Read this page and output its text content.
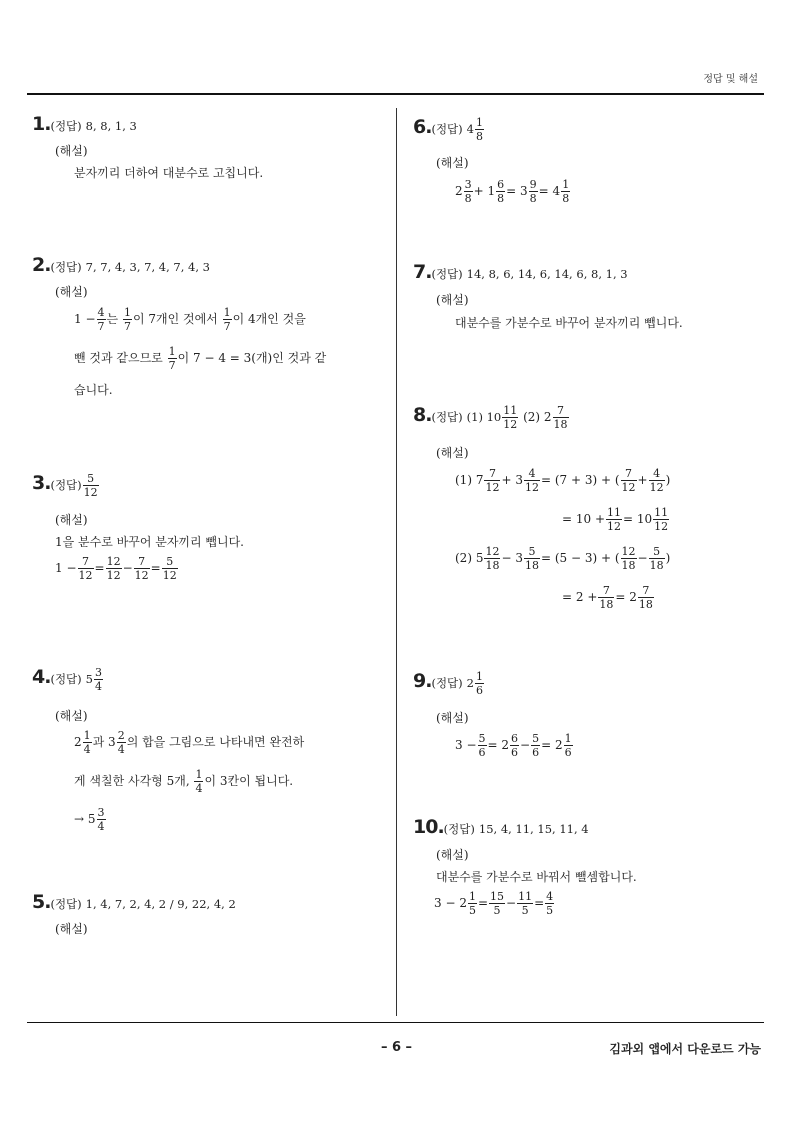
정답 및 해설
– 6 –	김과외 앱에서 다운로드 가능
1.(정답) 8, 8, 1, 3
(해설)
분자끼리 더하여 대분수로 고칩니다.
2.(정답) 7, 7, 4, 3, 7, 4, 7, 4, 3
(해설)
$1 - \frac{4}{7}$ 는 $\frac{1}{7}$ 이 7개인 것에서 $\frac{1}{7}$ 이 4개인 것을
뺀 것과 같으므로 $\frac{1}{7}$ 이 7 − 4 = 3(개)인 것과 같
습니다.
3.(정답) $\frac{5}{12}$
(해설)
1을 분수로 바꾸어 분자끼리 뺍니다.
$1 - \frac{7}{12} = \frac{12}{12} - \frac{7}{12} = \frac{5}{12}$
4.(정답) $5 \frac{3}{4}$
(해설)
$2 \frac{1}{4}$ 과 $3 \frac{2}{4}$ 의 합을 그림으로 나타내면 완전하
게 색칠한 사각형 5개, $\frac{1}{4}$ 이 3칸이 됩니다.
→ $5 \frac{3}{4}$
5.(정답) 1, 4, 7, 2, 4, 2 / 9, 22, 4, 2
(해설)
6.(정답) $4 \frac{1}{8}$
(해설)
$2 \frac{3}{8} + 1 \frac{6}{8} = 3 \frac{9}{8} = 4 \frac{1}{8}$
7.(정답) 14, 8, 6, 14, 6, 14, 6, 8, 1, 3
(해설)
대분수를 가분수로 바꾸어 분자끼리 뺍니다.
8.(정답) (1) $10 \frac{11}{12} (2)$ $2 \frac{7}{18}$
(해설)
(1) $7 \frac{7}{12} + 3 \frac{4}{12} = (7 + 3)$ + ( $\frac{7}{12} + \frac{4}{12}$ )
= $10 + \frac{11}{12} = 10 \frac{11}{12}$
(2) $5 \frac{12}{18} - 3 \frac{5}{18} = (5 - 3)$ + ( $\frac{12}{18} - \frac{5}{18}$ )
= $2 + \frac{7}{18} = 2 \frac{7}{18}$
9.(정답) $2 \frac{1}{6}$
(해설)
$3 - \frac{5}{6} = 2 \frac{6}{6} - \frac{5}{6} = 2 \frac{1}{6}$
10.(정답) 15, 4, 11, 15, 11, 4
(해설)
대분수를 가분수로 바꿔서 뺄셈합니다.
$3 - 2 \frac{1}{5} = \frac{15}{5} - \frac{11}{5} = \frac{4}{5}$
